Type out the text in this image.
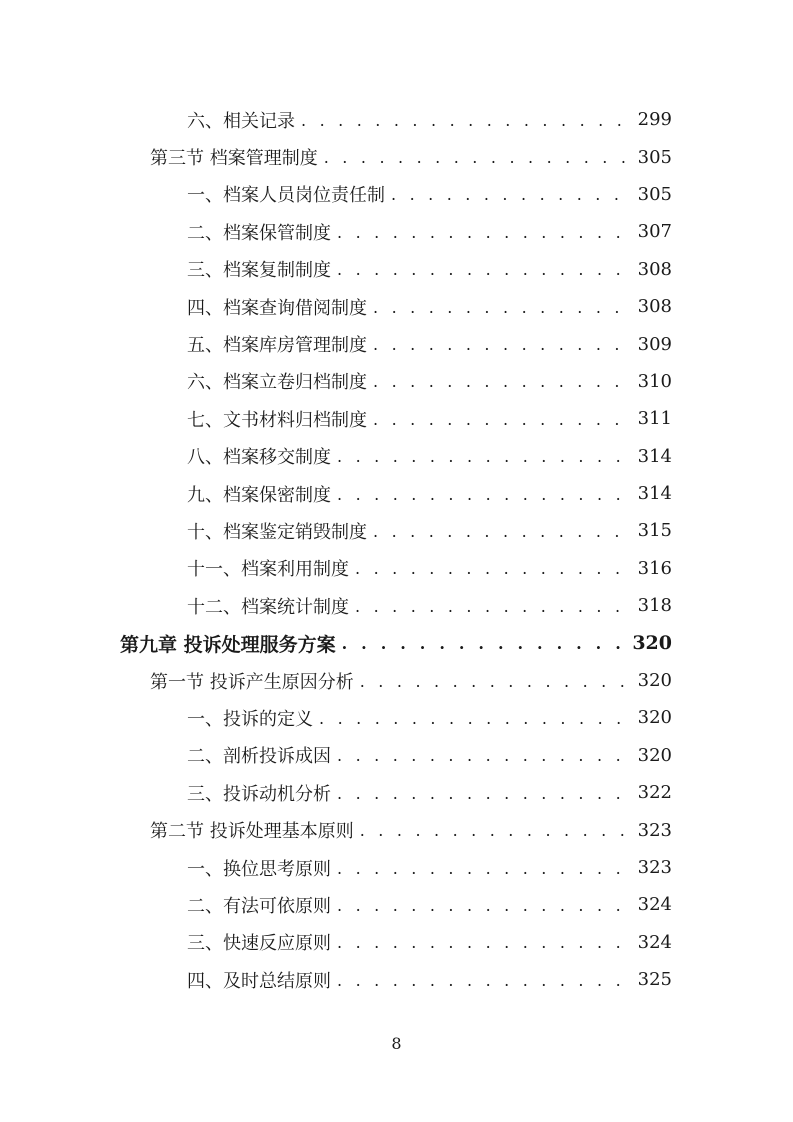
六、相关记录 . . .	299
第三节 档案管理制度 . . .	305
一、档案人员岗位责任制 . . .	305
二、档案保管制度 . . .	307
三、档案复制制度 . . .	308
四、档案查询借阅制度 . . .	308
五、档案库房管理制度 . . .	309
六、档案立卷归档制度 . . .	310
七、文书材料归档制度 . . .	311
八、档案移交制度 . . .	314
九、档案保密制度 . . .	314
十、档案鉴定销毁制度 . . .	315
十一、档案利用制度 . . .	316
十二、档案统计制度 . . .	318
第九章 投诉处理服务方案 . . .	320
第一节 投诉产生原因分析 . . .	320
一、投诉的定义 . . .	320
二、剖析投诉成因 . . .	320
三、投诉动机分析 . . .	322
第二节 投诉处理基本原则 . . .	323
一、换位思考原则 . . .	323
二、有法可依原则 . . .	324
三、快速反应原则 . . .	324
四、及时总结原则 . . .	325
8
